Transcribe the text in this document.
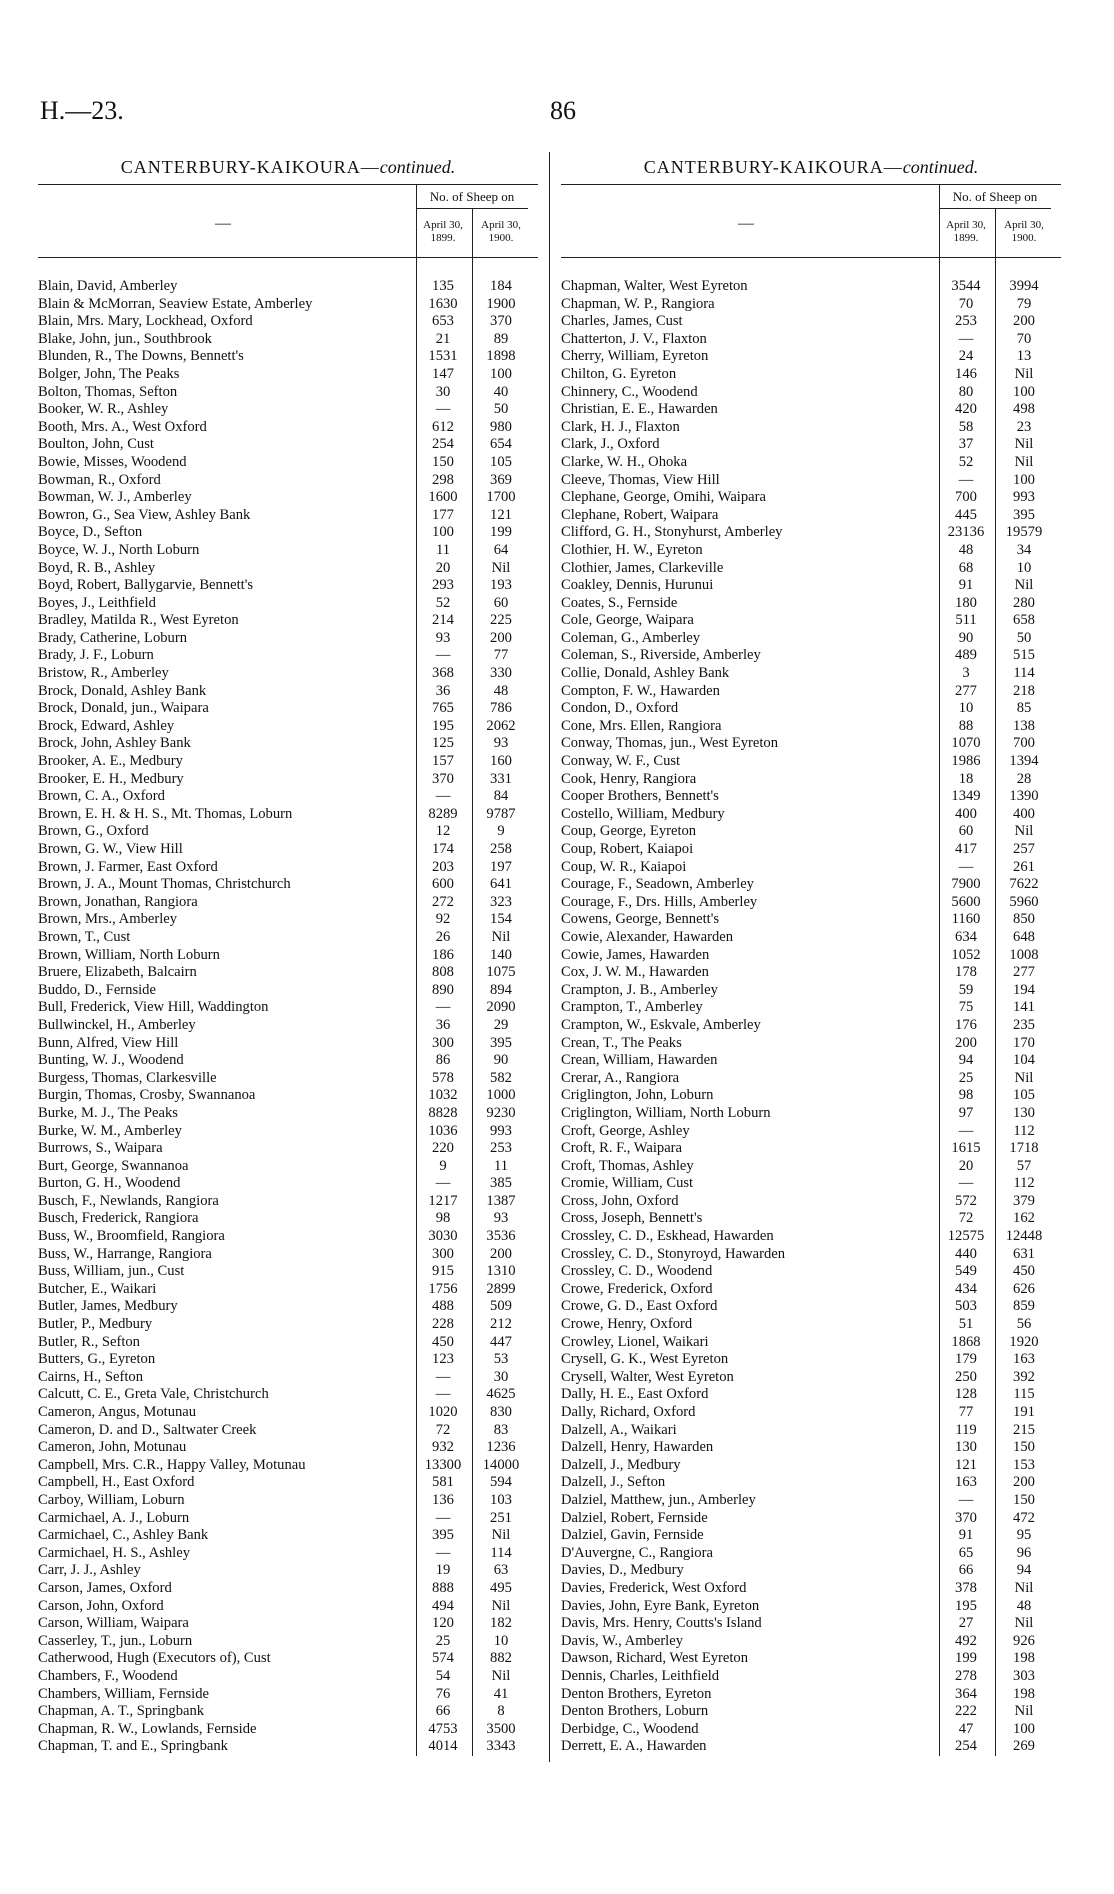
H.—23.	86
CANTERBURY-KAIKOURA—continued.
—
No. of Sheep on
April 30, 1899.
April 30, 1900.
Blain, David, Amberley	135	184
Blain & McMorran, Seaview Estate, Amberley	1630	1900
Blain, Mrs. Mary, Lockhead, Oxford	653	370
Blake, John, jun., Southbrook	21	89
Blunden, R., The Downs, Bennett's	1531	1898
Bolger, John, The Peaks	147	100
Bolton, Thomas, Sefton	30	40
Booker, W. R., Ashley	—	50
Booth, Mrs. A., West Oxford	612	980
Boulton, John, Cust	254	654
Bowie, Misses, Woodend	150	105
Bowman, R., Oxford	298	369
Bowman, W. J., Amberley	1600	1700
Bowron, G., Sea View, Ashley Bank	177	121
Boyce, D., Sefton	100	199
Boyce, W. J., North Loburn	11	64
Boyd, R. B., Ashley	20	Nil
Boyd, Robert, Ballygarvie, Bennett's	293	193
Boyes, J., Leithfield	52	60
Bradley, Matilda R., West Eyreton	214	225
Brady, Catherine, Loburn	93	200
Brady, J. F., Loburn	—	77
Bristow, R., Amberley	368	330
Brock, Donald, Ashley Bank	36	48
Brock, Donald, jun., Waipara	765	786
Brock, Edward, Ashley	195	2062
Brock, John, Ashley Bank	125	93
Brooker, A. E., Medbury	157	160
Brooker, E. H., Medbury	370	331
Brown, C. A., Oxford	—	84
Brown, E. H. & H. S., Mt. Thomas, Loburn	8289	9787
Brown, G., Oxford	12	9
Brown, G. W., View Hill	174	258
Brown, J. Farmer, East Oxford	203	197
Brown, J. A., Mount Thomas, Christchurch	600	641
Brown, Jonathan, Rangiora	272	323
Brown, Mrs., Amberley	92	154
Brown, T., Cust	26	Nil
Brown, William, North Loburn	186	140
Bruere, Elizabeth, Balcairn	808	1075
Buddo, D., Fernside	890	894
Bull, Frederick, View Hill, Waddington	—	2090
Bullwinckel, H., Amberley	36	29
Bunn, Alfred, View Hill	300	395
Bunting, W. J., Woodend	86	90
Burgess, Thomas, Clarkesville	578	582
Burgin, Thomas, Crosby, Swannanoa	1032	1000
Burke, M. J., The Peaks	8828	9230
Burke, W. M., Amberley	1036	993
Burrows, S., Waipara	220	253
Burt, George, Swannanoa	9	11
Burton, G. H., Woodend	—	385
Busch, F., Newlands, Rangiora	1217	1387
Busch, Frederick, Rangiora	98	93
Buss, W., Broomfield, Rangiora	3030	3536
Buss, W., Harrange, Rangiora	300	200
Buss, William, jun., Cust	915	1310
Butcher, E., Waikari	1756	2899
Butler, James, Medbury	488	509
Butler, P., Medbury	228	212
Butler, R., Sefton	450	447
Butters, G., Eyreton	123	53
Cairns, H., Sefton	—	30
Calcutt, C. E., Greta Vale, Christchurch	—	4625
Cameron, Angus, Motunau	1020	830
Cameron, D. and D., Saltwater Creek	72	83
Cameron, John, Motunau	932	1236
Campbell, Mrs. C.R., Happy Valley, Motunau	13300	14000
Campbell, H., East Oxford	581	594
Carboy, William, Loburn	136	103
Carmichael, A. J., Loburn	—	251
Carmichael, C., Ashley Bank	395	Nil
Carmichael, H. S., Ashley	—	114
Carr, J. J., Ashley	19	63
Carson, James, Oxford	888	495
Carson, John, Oxford	494	Nil
Carson, William, Waipara	120	182
Casserley, T., jun., Loburn	25	10
Catherwood, Hugh (Executors of), Cust	574	882
Chambers, F., Woodend	54	Nil
Chambers, William, Fernside	76	41
Chapman, A. T., Springbank	66	8
Chapman, R. W., Lowlands, Fernside	4753	3500
Chapman, T. and E., Springbank	4014	3343
CANTERBURY-KAIKOURA—continued.
—
No. of Sheep on
April 30, 1899.
April 30, 1900.
Chapman, Walter, West Eyreton	3544	3994
Chapman, W. P., Rangiora	70	79
Charles, James, Cust	253	200
Chatterton, J. V., Flaxton	—	70
Cherry, William, Eyreton	24	13
Chilton, G. Eyreton	146	Nil
Chinnery, C., Woodend	80	100
Christian, E. E., Hawarden	420	498
Clark, H. J., Flaxton	58	23
Clark, J., Oxford	37	Nil
Clarke, W. H., Ohoka	52	Nil
Cleeve, Thomas, View Hill	—	100
Clephane, George, Omihi, Waipara	700	993
Clephane, Robert, Waipara	445	395
Clifford, G. H., Stonyhurst, Amberley	23136	19579
Clothier, H. W., Eyreton	48	34
Clothier, James, Clarkeville	68	10
Coakley, Dennis, Hurunui	91	Nil
Coates, S., Fernside	180	280
Cole, George, Waipara	511	658
Coleman, G., Amberley	90	50
Coleman, S., Riverside, Amberley	489	515
Collie, Donald, Ashley Bank	3	114
Compton, F. W., Hawarden	277	218
Condon, D., Oxford	10	85
Cone, Mrs. Ellen, Rangiora	88	138
Conway, Thomas, jun., West Eyreton	1070	700
Conway, W. F., Cust	1986	1394
Cook, Henry, Rangiora	18	28
Cooper Brothers, Bennett's	1349	1390
Costello, William, Medbury	400	400
Coup, George, Eyreton	60	Nil
Coup, Robert, Kaiapoi	417	257
Coup, W. R., Kaiapoi	—	261
Courage, F., Seadown, Amberley	7900	7622
Courage, F., Drs. Hills, Amberley	5600	5960
Cowens, George, Bennett's	1160	850
Cowie, Alexander, Hawarden	634	648
Cowie, James, Hawarden	1052	1008
Cox, J. W. M., Hawarden	178	277
Crampton, J. B., Amberley	59	194
Crampton, T., Amberley	75	141
Crampton, W., Eskvale, Amberley	176	235
Crean, T., The Peaks	200	170
Crean, William, Hawarden	94	104
Crerar, A., Rangiora	25	Nil
Criglington, John, Loburn	98	105
Criglington, William, North Loburn	97	130
Croft, George, Ashley	—	112
Croft, R. F., Waipara	1615	1718
Croft, Thomas, Ashley	20	57
Cromie, William, Cust	—	112
Cross, John, Oxford	572	379
Cross, Joseph, Bennett's	72	162
Crossley, C. D., Eskhead, Hawarden	12575	12448
Crossley, C. D., Stonyroyd, Hawarden	440	631
Crossley, C. D., Woodend	549	450
Crowe, Frederick, Oxford	434	626
Crowe, G. D., East Oxford	503	859
Crowe, Henry, Oxford	51	56
Crowley, Lionel, Waikari	1868	1920
Crysell, G. K., West Eyreton	179	163
Crysell, Walter, West Eyreton	250	392
Dally, H. E., East Oxford	128	115
Dally, Richard, Oxford	77	191
Dalzell, A., Waikari	119	215
Dalzell, Henry, Hawarden	130	150
Dalzell, J., Medbury	121	153
Dalzell, J., Sefton	163	200
Dalziel, Matthew, jun., Amberley	—	150
Dalziel, Robert, Fernside	370	472
Dalziel, Gavin, Fernside	91	95
D'Auvergne, C., Rangiora	65	96
Davies, D., Medbury	66	94
Davies, Frederick, West Oxford	378	Nil
Davies, John, Eyre Bank, Eyreton	195	48
Davis, Mrs. Henry, Coutts's Island	27	Nil
Davis, W., Amberley	492	926
Dawson, Richard, West Eyreton	199	198
Dennis, Charles, Leithfield	278	303
Denton Brothers, Eyreton	364	198
Denton Brothers, Loburn	222	Nil
Derbidge, C., Woodend	47	100
Derrett, E. A., Hawarden	254	269
